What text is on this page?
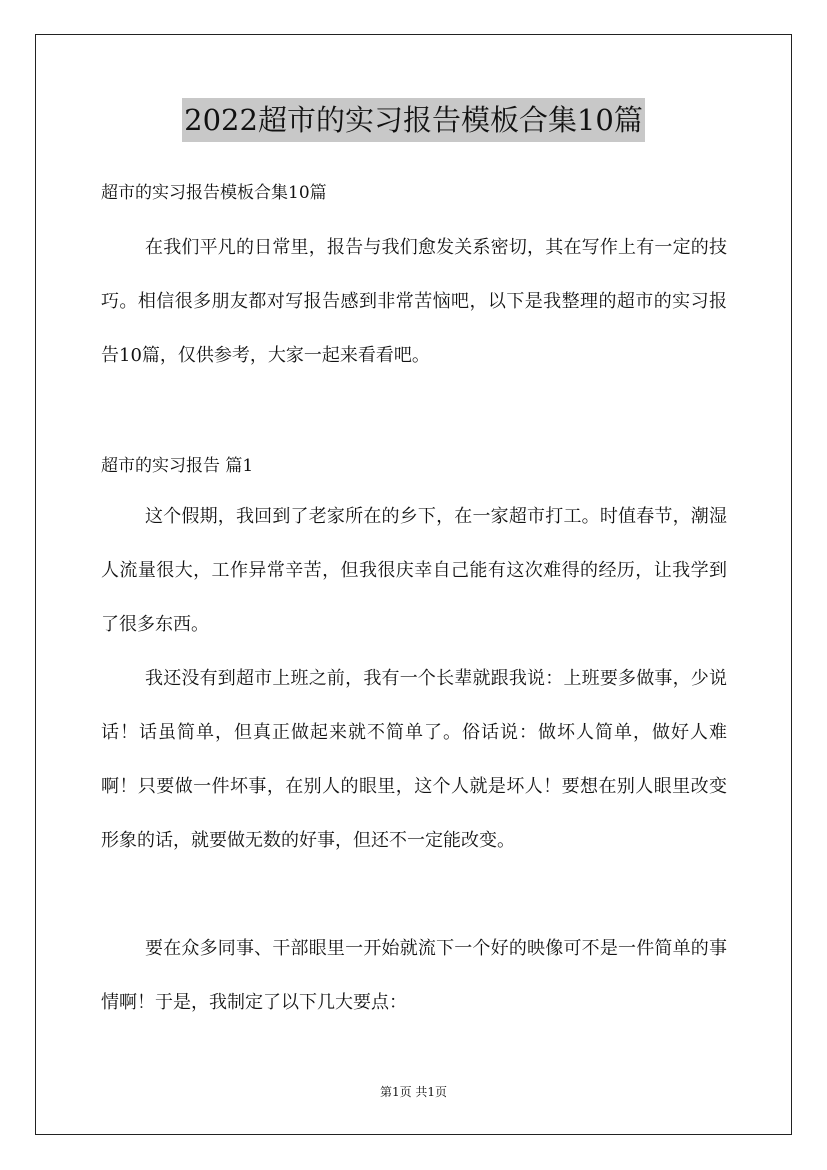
2022超市的实习报告模板合集10篇
超市的实习报告模板合集10篇

在我们平凡的日常里，报告与我们愈发关系密切，其在写作上有一定的技巧。相信很多朋友都对写报告感到非常苦恼吧，以下是我整理的超市的实习报告10篇，仅供参考，大家一起来看看吧。

超市的实习报告 篇1

这个假期，我回到了老家所在的乡下，在一家超市打工。时值春节，潮湿人流量很大，工作异常辛苦，但我很庆幸自己能有这次难得的经历，让我学到了很多东西。

我还没有到超市上班之前，我有一个长辈就跟我说：上班要多做事，少说话！话虽简单，但真正做起来就不简单了。俗话说：做坏人简单，做好人难啊！只要做一件坏事，在别人的眼里，这个人就是坏人！要想在别人眼里改变形象的话，就要做无数的好事，但还不一定能改变。

要在众多同事、干部眼里一开始就流下一个好的映像可不是一件简单的事情啊！于是，我制定了以下几大要点：

第1页 共1页
